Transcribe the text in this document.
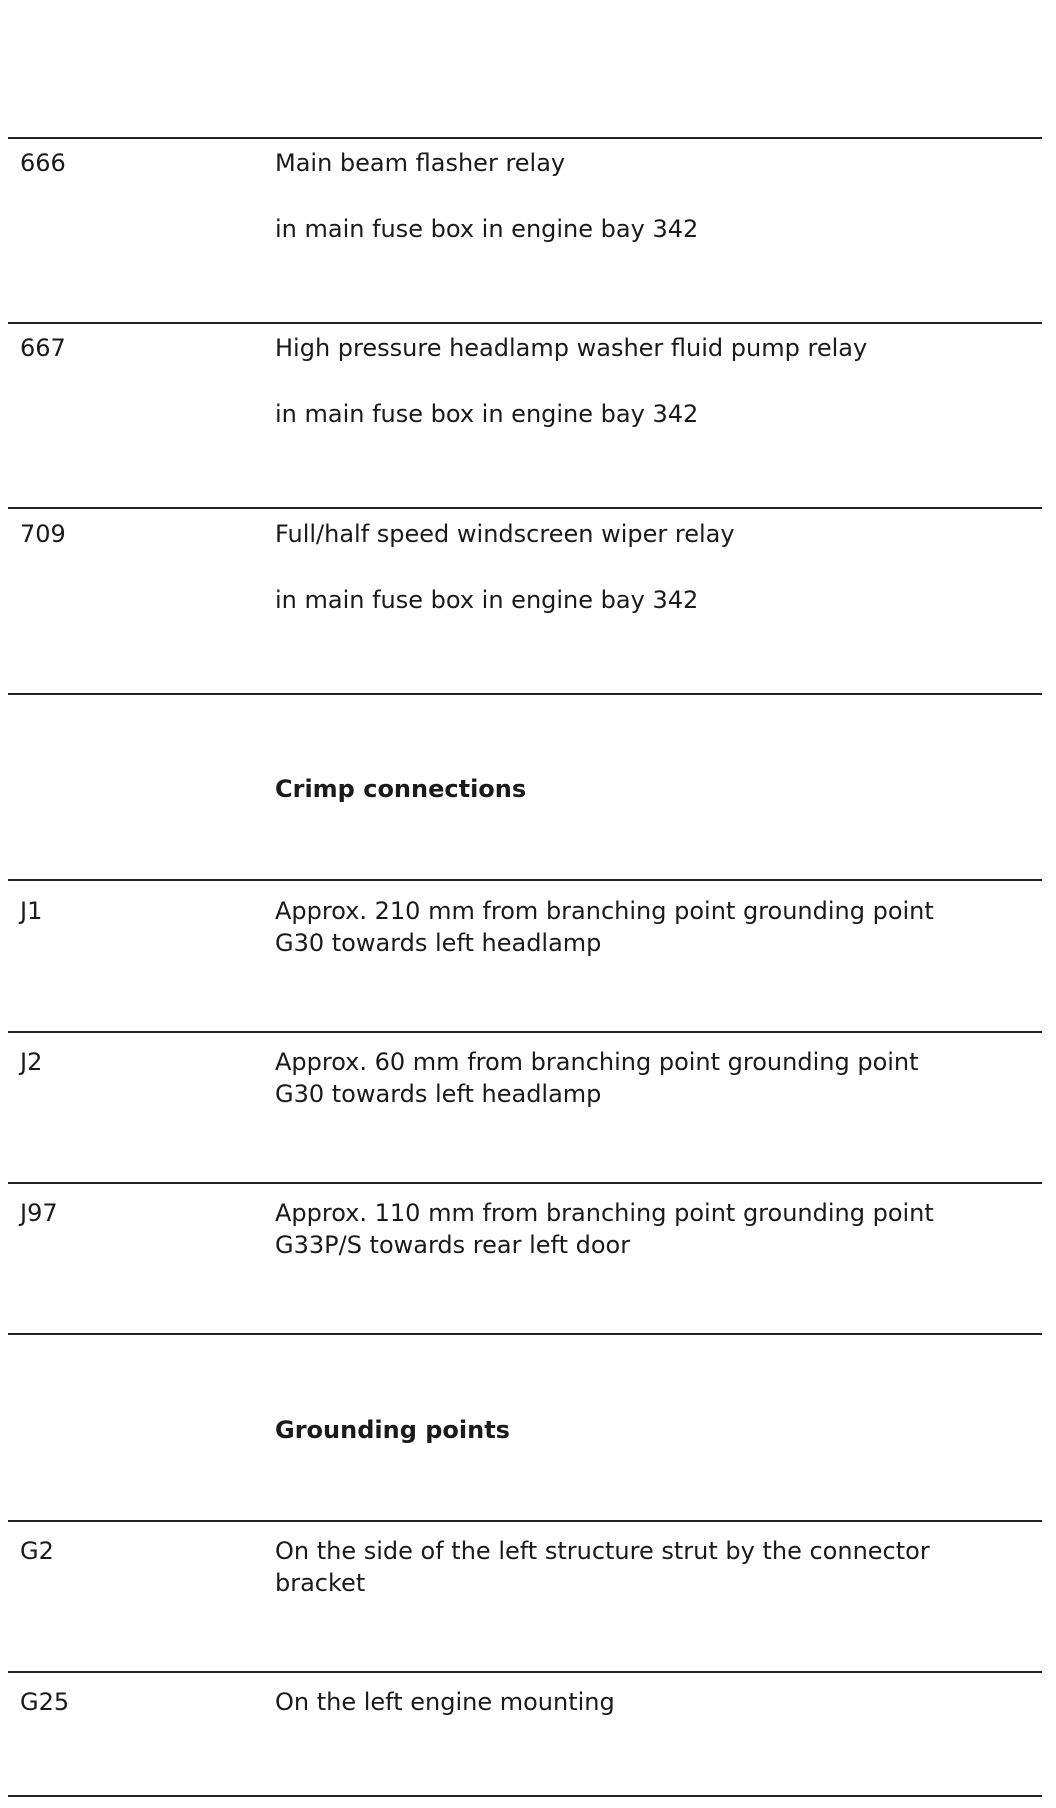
666	Main beam flasher relay
in main fuse box in engine bay 342
667	High pressure headlamp washer fluid pump relay
in main fuse box in engine bay 342
709	Full/half speed windscreen wiper relay
in main fuse box in engine bay 342
Crimp connections
J1	Approx. 210 mm from branching point grounding point
G30 towards left headlamp
J2	Approx. 60 mm from branching point grounding point
G30 towards left headlamp
J97	Approx. 110 mm from branching point grounding point
G33P/S towards rear left door
Grounding points
G2	On the side of the left structure strut by the connector
bracket
G25	On the left engine mounting
